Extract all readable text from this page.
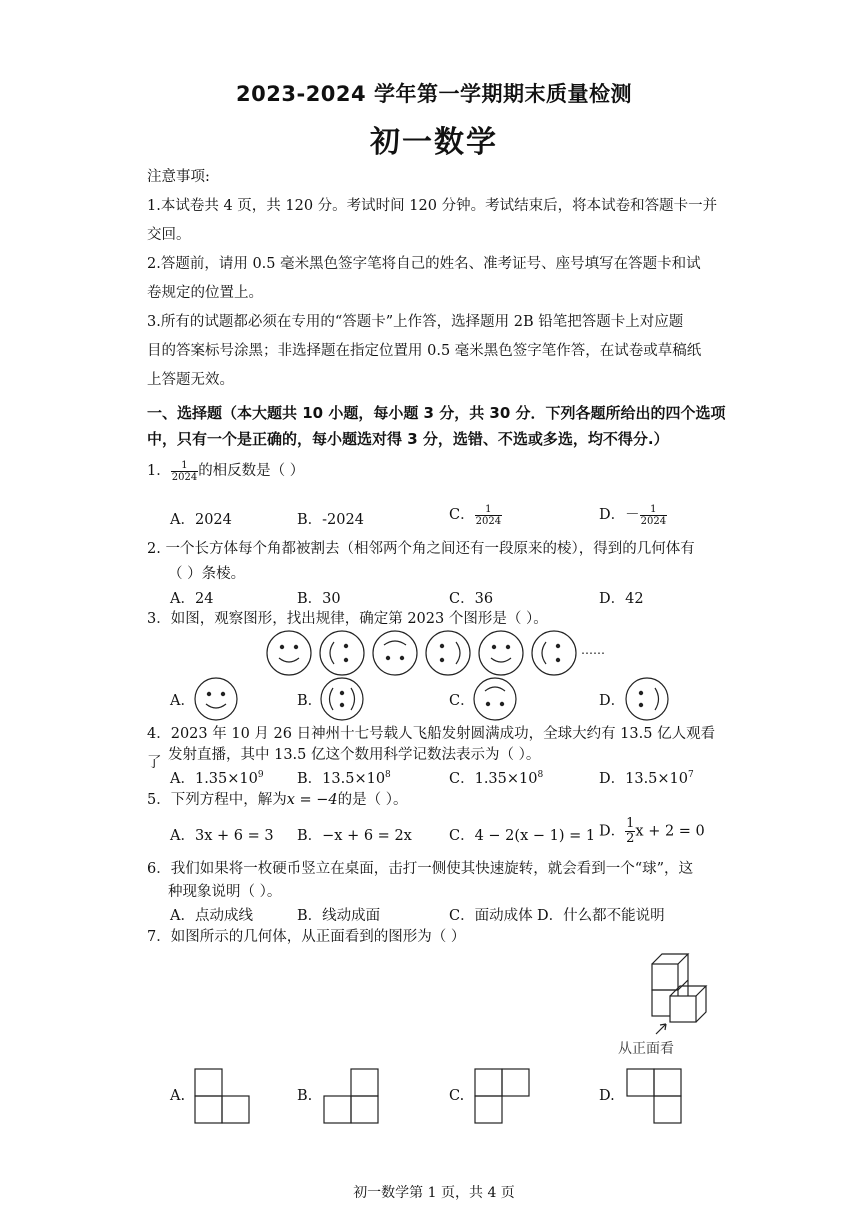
2023-2024 学年第一学期期末质量检测
初一数学
注意事项:
1.本试卷共 4 页，共 120 分。考试时间 120 分钟。考试结束后，将本试卷和答题卡一并
交回。
2.答题前，请用 0.5 毫米黑色签字笔将自己的姓名、准考证号、座号填写在答题卡和试
卷规定的位置上。
3.所有的试题都必须在专用的“答题卡”上作答，选择题用 2B 铅笔把答题卡上对应题
目的答案标号涂黑；非选择题在指定位置用 0.5 毫米黑色签字笔作答，在试卷或草稿纸
上答题无效。
一、选择题（本大题共 10 小题，每小题 3 分，共 30 分．下列各题所给出的四个选项
中，只有一个是正确的，每小题选对得 3 分，选错、不选或多选，均不得分.）
1． $\frac{1}{2024}$ 的相反数是（ ）
A．2024	B．-2024	C． $\frac{1}{2024}$	D．－ $\frac{1}{2024}$
2. 一个长方体每个角都被割去（相邻两个角之间还有一段原来的棱），得到的几何体有
（ ）条棱。
A．24	B．30	C．36	D．42
3．如图，观察图形，找出规律，确定第 2023 个图形是（ ）。
……
A．	B．	C．	D．
4．2023 年 10 月 26 日神州十七号载人飞船发射圆满成功，全球大约有 13.5 亿人观看了 发射直播，其中 13.5 亿这个数用科学记数法表示为（ ）。
A．$1.35\times 10^9$ B．$13.5\times 10^8$	C．$1.35\times 10^8$	D．$13.5\times 10^7$
5．下列方程中，解为x = −4的是（ ）。
A．3x + 6 = 3 B．−x + 6 = 2x	C．4 − 2(x − 1) = 1 D． $\frac{1}{2}$ x + 2 = 0
6．我们如果将一枚硬币竖立在桌面，击打一侧使其快速旋转，就会看到一个“球”，这
种现象说明（ ）。
A．点动成线	B．线动成面	C．面动成体 D．什么都不能说明
7．如图所示的几何体，从正面看到的图形为（ ）
从正面看
A.	B.	C.	D.
初一数学第 1 页，共 4 页
